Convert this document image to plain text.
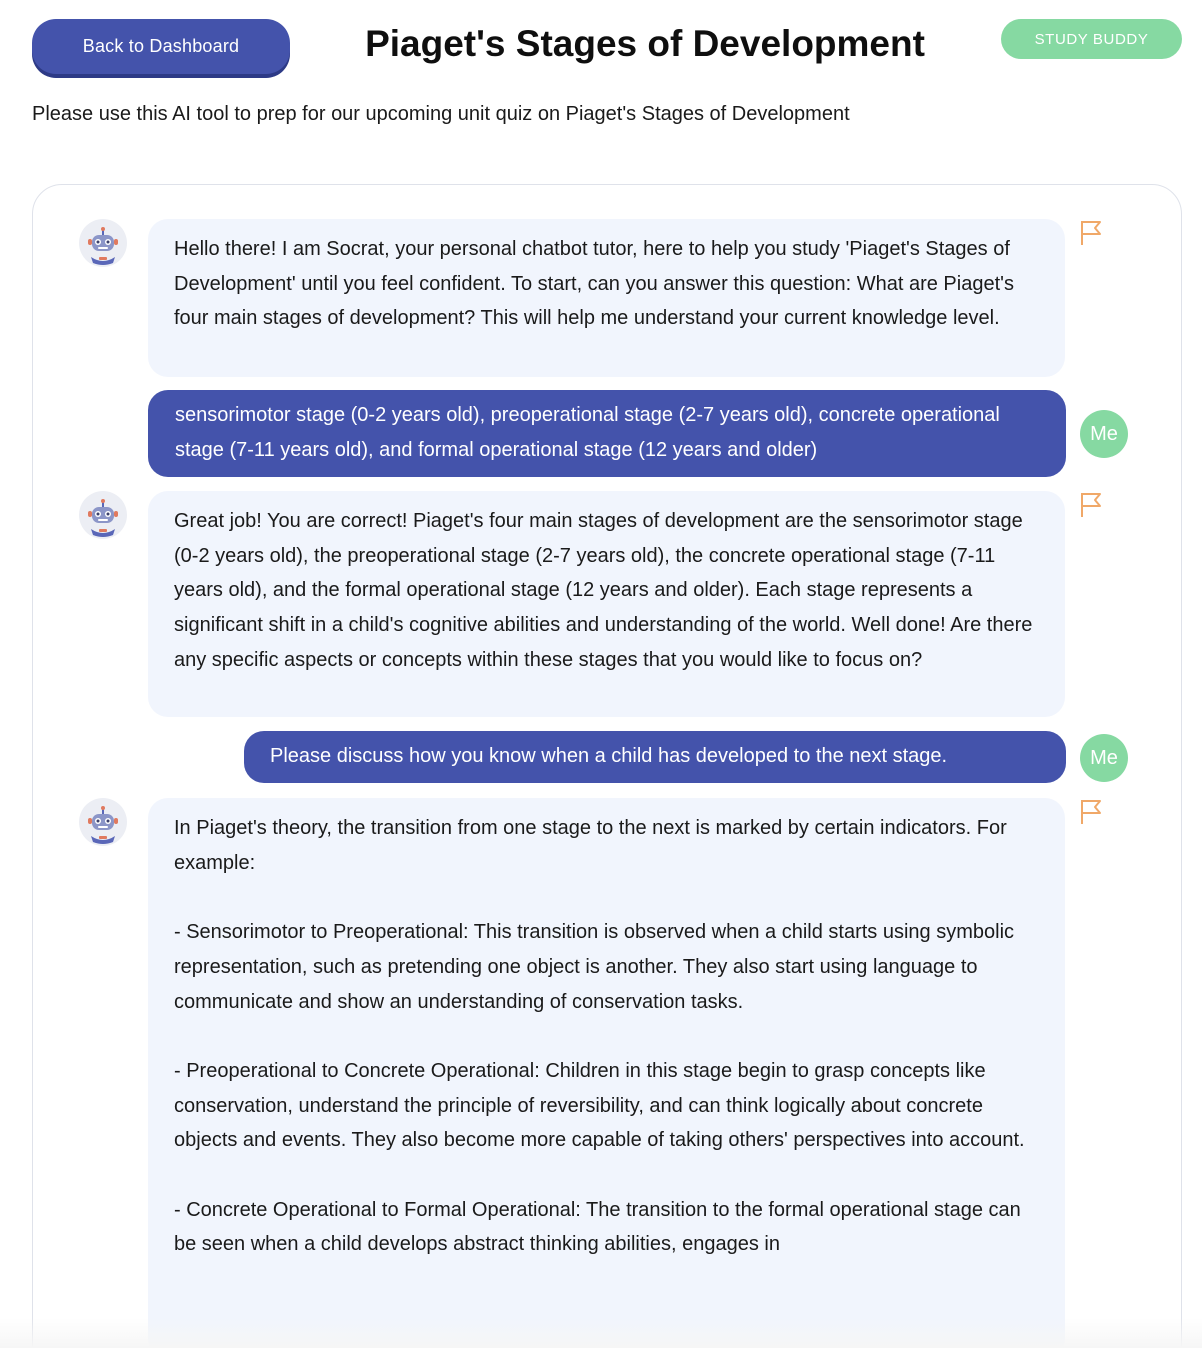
Back to Dashboard	Piaget's Stages of Development	STUDY BUDDY

Please use this AI tool to prep for our upcoming unit quiz on Piaget's Stages of Development

Hello there! I am Socrat, your personal chatbot tutor, here to help you study 'Piaget's Stages of Development' until you feel confident. To start, can you answer this question: What are Piaget's four main stages of development? This will help me understand your current knowledge level.
sensorimotor stage (0-2 years old), preoperational stage (2-7 years old), concrete operational stage (7-11 years old), and formal operational stage (12 years and older)
Me
Great job! You are correct! Piaget's four main stages of development are the sensorimotor stage (0-2 years old), the preoperational stage (2-7 years old), the concrete operational stage (7-11 years old), and the formal operational stage (12 years and older). Each stage represents a significant shift in a child's cognitive abilities and understanding of the world. Well done! Are there any specific aspects or concepts within these stages that you would like to focus on?
Please discuss how you know when a child has developed to the next stage.	Me
In Piaget's theory, the transition from one stage to the next is marked by certain indicators. For example:

- Sensorimotor to Preoperational: This transition is observed when a child starts using symbolic representation, such as pretending one object is another. They also start using language to communicate and show an understanding of conservation tasks.

- Preoperational to Concrete Operational: Children in this stage begin to grasp concepts like conservation, understand the principle of reversibility, and can think logically about concrete objects and events. They also become more capable of taking others' perspectives into account.

- Concrete Operational to Formal Operational: The transition to the formal operational stage can be seen when a child develops abstract thinking abilities, engages in
